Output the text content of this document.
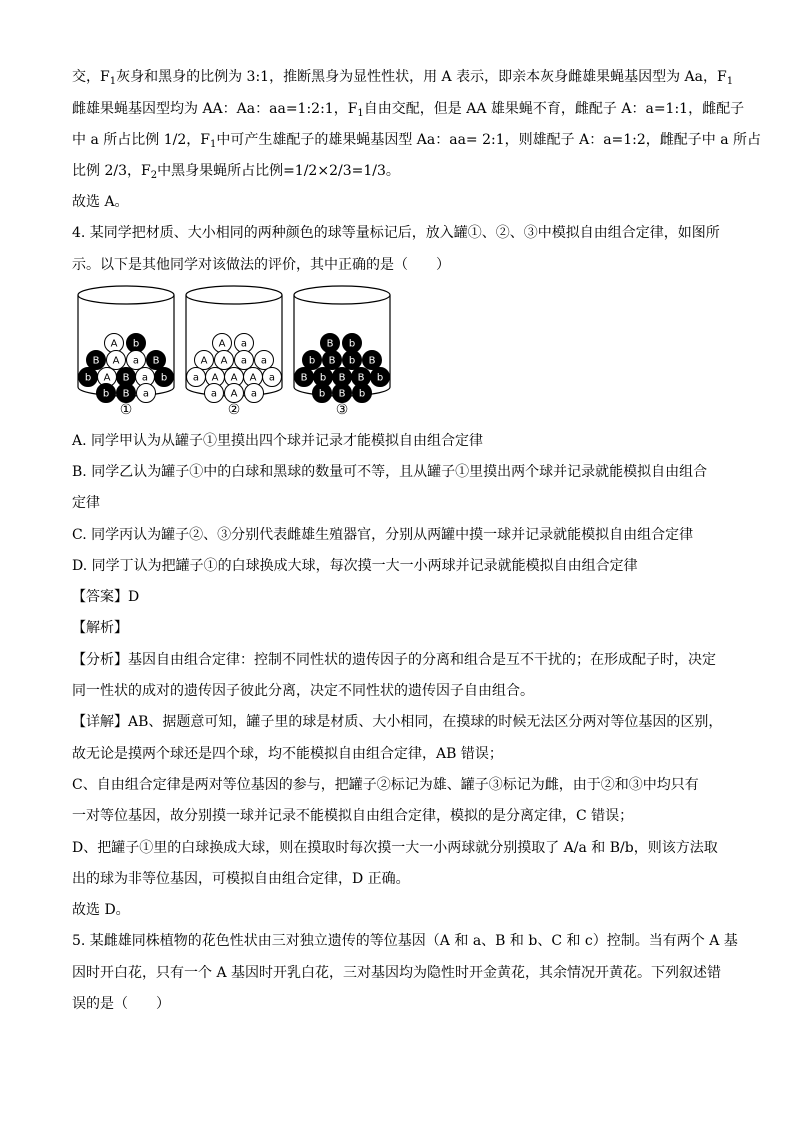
交，$F_1$灰身和黑身的比例为 3:1，推断黑身为显性性状，用 A 表示，即亲本灰身雌雄果蝇基因型为 Aa，$F_1$
雌雄果蝇基因型均为 AA：Aa：aa=1:2:1，$F_1$自由交配，但是 AA 雄果蝇不育，雌配子 A：a=1:1，雌配子
中 a 所占比例 1/2，$F_1$中可产生雄配子的雄果蝇基因型 Aa：aa= 2:1，则雄配子 A：a=1:2，雌配子中 a 所占
比例 2/3，$F_2$中黑身果蝇所占比例=1/2×2/3=1/3。
故选 A。
4. 某同学把材质、大小相同的两种颜色的球等量标记后，放入罐①、②、③中模拟自由组合定律，如图所
示。以下是其他同学对该做法的评价，其中正确的是（　　）
A. 同学甲认为从罐子①里摸出四个球并记录才能模拟自由组合定律
B. 同学乙认为罐子①中的白球和黑球的数量可不等，且从罐子①里摸出两个球并记录就能模拟自由组合
定律
C. 同学丙认为罐子②、③分别代表雌雄生殖器官，分别从两罐中摸一球并记录就能模拟自由组合定律
D. 同学丁认为把罐子①的白球换成大球，每次摸一大一小两球并记录就能模拟自由组合定律
【答案】D
【解析】
【分析】基因自由组合定律：控制不同性状的遗传因子的分离和组合是互不干扰的；在形成配子时，决定
同一性状的成对的遗传因子彼此分离，决定不同性状的遗传因子自由组合。
【详解】AB、据题意可知，罐子里的球是材质、大小相同，在摸球的时候无法区分两对等位基因的区别，
故无论是摸两个球还是四个球，均不能模拟自由组合定律，AB 错误；
C、自由组合定律是两对等位基因的参与，把罐子②标记为雄、罐子③标记为雌，由于②和③中均只有
一对等位基因，故分别摸一球并记录不能模拟自由组合定律，模拟的是分离定律，C 错误；
D、把罐子①里的白球换成大球，则在摸取时每次摸一大一小两球就分别摸取了 A/a 和 B/b，则该方法取
出的球为非等位基因，可模拟自由组合定律，D 正确。
故选 D。
5. 某雌雄同株植物的花色性状由三对独立遗传的等位基因（A 和 a、B 和 b、C 和 c）控制。当有两个 A 基
因时开白花，只有一个 A 基因时开乳白花，三对基因均为隐性时开金黄花，其余情况开黄花。下列叙述错
误的是（　　）
A b
B A a B
b A B a b
b B a
①
A a
A A a a
a A A A a
a A a
②
B b
b B b B
B b B B b
b B b
③
